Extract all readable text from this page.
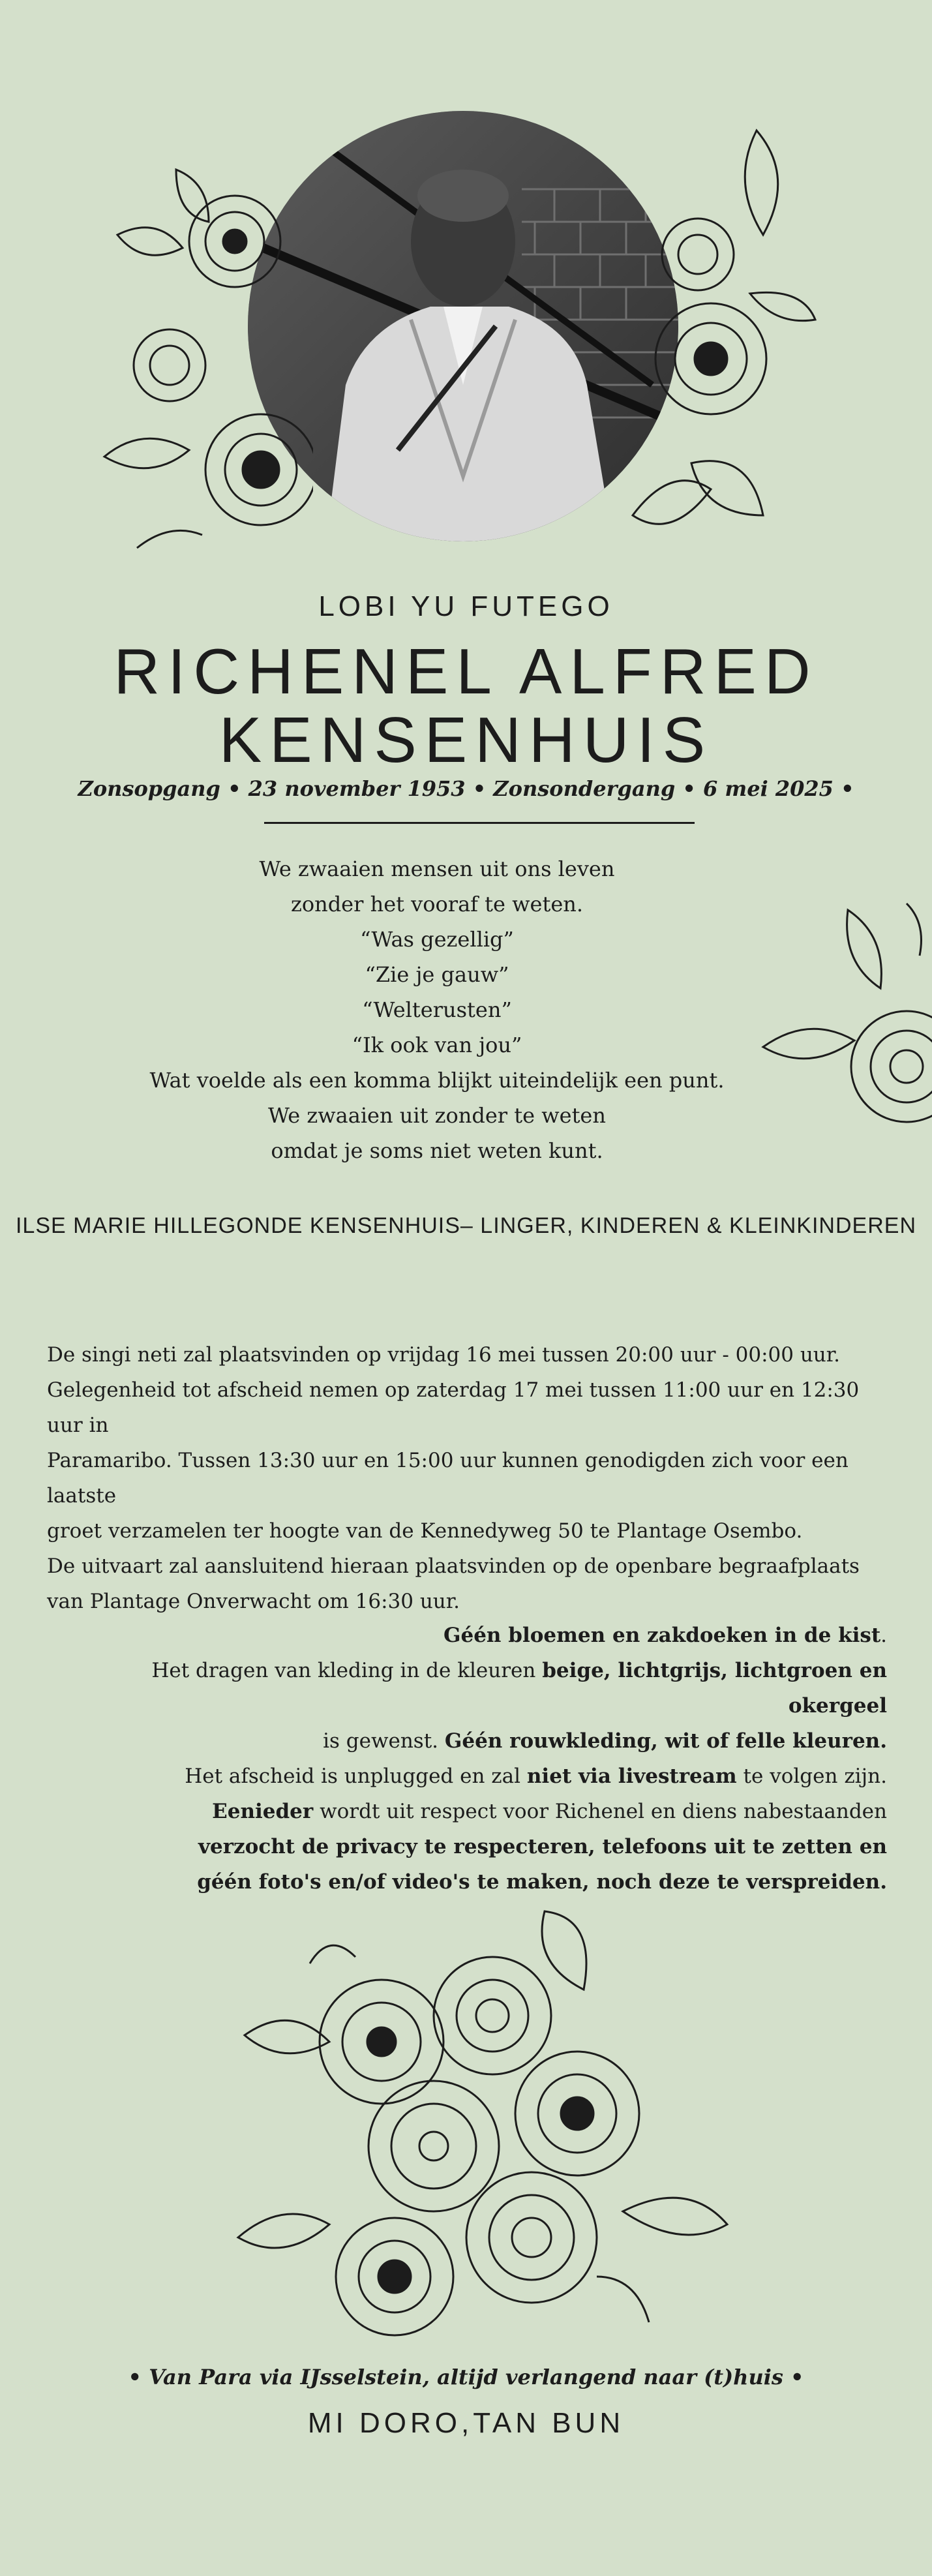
LOBI YU FUTEGO
RICHENEL ALFRED
KENSENHUIS
Zonsopgang • 23 november 1953 • Zonsondergang • 6 mei 2025 •
We zwaaien mensen uit ons leven
zonder het vooraf te weten.
“Was gezellig”
“Zie je gauw”
“Welterusten”
“Ik ook van jou”
Wat voelde als een komma blijkt uiteindelijk een punt.
We zwaaien uit zonder te weten
omdat je soms niet weten kunt.
ILSE MARIE HILLEGONDE KENSENHUIS– LINGER, KINDEREN & KLEINKINDEREN

De singi neti zal plaatsvinden op vrijdag 16 mei tussen 20:00 uur - 00:00 uur.

Gelegenheid tot afscheid nemen op zaterdag 17 mei tussen 11:00 uur en 12:30 uur in

Paramaribo. Tussen 13:30 uur en 15:00 uur kunnen genodigden zich voor een laatste

groet verzamelen ter hoogte van de Kennedyweg 50 te Plantage Osembo.

De uitvaart zal aansluitend hieraan plaatsvinden op de openbare begraafplaats

van Plantage Onverwacht om 16:30 uur.

Géén bloemen en zakdoeken in de kist.

Het dragen van kleding in de kleuren beige, lichtgrijs, lichtgroen en okergeel

is gewenst. Géén rouwkleding, wit of felle kleuren.

Het afscheid is unplugged en zal niet via livestream te volgen zijn.

Eenieder wordt uit respect voor Richenel en diens nabestaanden

verzocht de privacy te respecteren, telefoons uit te zetten en

géén foto's en/of video's te maken, noch deze te verspreiden.

• Van Para via IJsselstein, altijd verlangend naar (t)huis •
MI DORO,TAN BUN
